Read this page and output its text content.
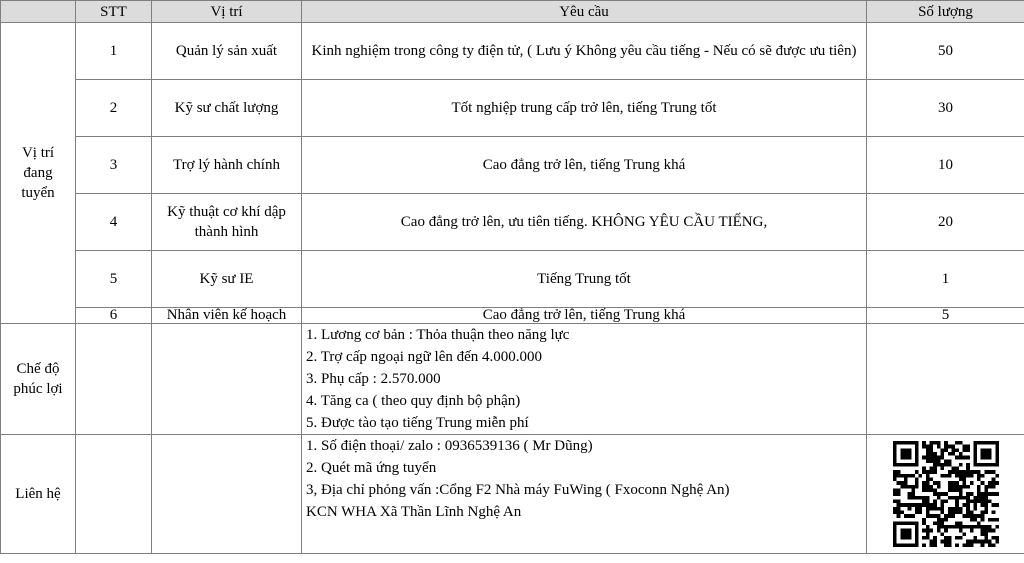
	STT	Vị trí	Yêu cầu	Số lượng
Vị trí đang tuyển	1	Quản lý sản xuất	Kinh nghiệm trong công ty điện tử, ( Lưu ý Không yêu cầu tiếng - Nếu có sẽ được ưu tiên)	50
	2	Kỹ sư chất lượng	Tốt nghiệp trung cấp trở lên, tiếng Trung tốt	30
	3	Trợ lý hành chính	Cao đẳng trở lên, tiếng Trung khá	10
	4	Kỹ thuật cơ khí dập thành hình	Cao đẳng trở lên, ưu tiên tiếng. KHÔNG YÊU CẦU TIẾNG,	20
	5	Kỹ sư IE	Tiếng Trung tốt	1
	6	Nhân viên kế hoạch	Cao đẳng trở lên, tiếng Trung khá	5
Chế độ phúc lợi			1. Lương cơ bản : Thỏa thuận theo năng lực
2. Trợ cấp ngoại ngữ lên đến 4.000.000
3. Phụ cấp : 2.570.000
4. Tăng ca ( theo quy định bộ phận)
5. Được tào tạo tiếng Trung miễn phí	

Liên hệ			1. Số điện thoại/ zalo : 0936539136 ( Mr Dũng)
2. Quét mã ứng tuyển
3, Địa chỉ phỏng vấn :Cổng F2 Nhà máy FuWing ( Fxoconn Nghệ An)
KCN WHA Xã Thần Lĩnh Nghệ An
